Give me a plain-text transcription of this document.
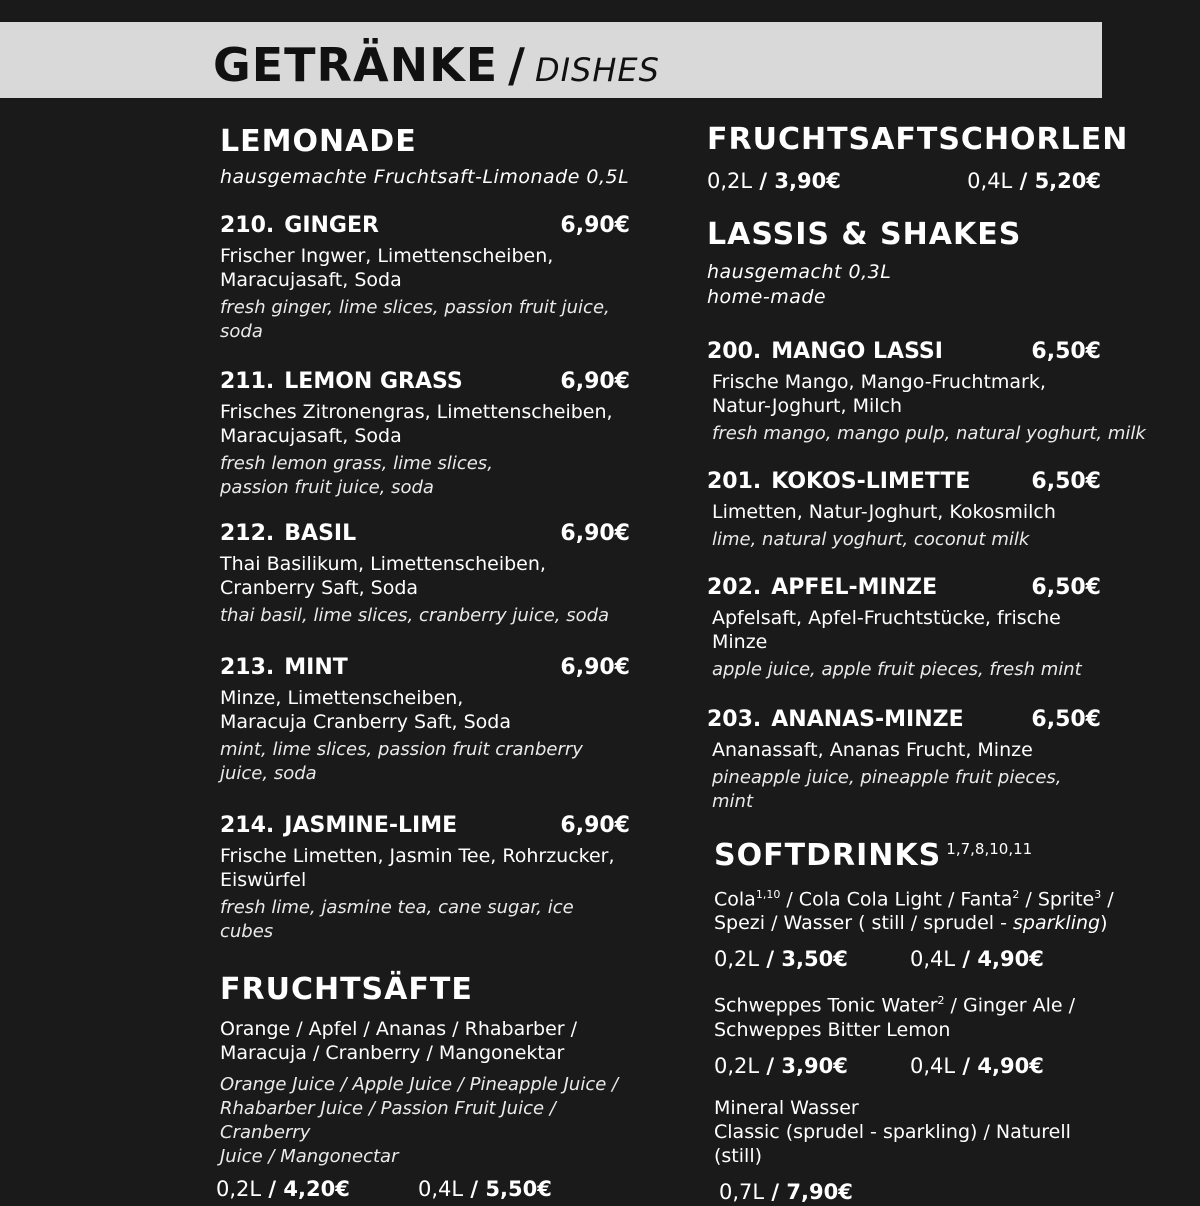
GETRÄNKE / DISHES
LEMONADE
hausgemachte Fruchtsaft-Limonade 0,5L
210. GINGER	6,90€
Frischer Ingwer, Limettenscheiben,
Maracujasaft, Soda
fresh ginger, lime slices, passion fruit juice, soda
211. LEMON GRASS	6,90€
Frisches Zitronengras, Limettenscheiben,
Maracujasaft, Soda
fresh lemon grass, lime slices,
passion fruit juice, soda
212. BASIL	6,90€
Thai Basilikum, Limettenscheiben,
Cranberry Saft, Soda
thai basil, lime slices, cranberry juice, soda
213. MINT	6,90€
Minze, Limettenscheiben,
Maracuja Cranberry Saft, Soda
mint, lime slices, passion fruit cranberry
juice, soda
214. JASMINE-LIME	6,90€
Frische Limetten, Jasmin Tee, Rohrzucker,
Eiswürfel
fresh lime, jasmine tea, cane sugar, ice cubes
FRUCHTSÄFTE
Orange / Apfel / Ananas / Rhabarber /
Maracuja / Cranberry / Mangonektar
Orange Juice / Apple Juice / Pineapple Juice /
Rhabarber Juice / Passion Fruit Juice / Cranberry
Juice / Mangonectar
0,2L / 4,20€	0,4L / 5,50€
FRUCHTSAFTSCHORLEN
0,2L / 3,90€	0,4L / 5,20€
LASSIS & SHAKES
hausgemacht 0,3L
home-made
200. MANGO LASSI	6,50€
Frische Mango, Mango-Fruchtmark,
Natur-Joghurt, Milch
fresh mango, mango pulp, natural yoghurt, milk
201. KOKOS-LIMETTE	6,50€
Limetten, Natur-Joghurt, Kokosmilch
lime, natural yoghurt, coconut milk
202. APFEL-MINZE	6,50€
Apfelsaft, Apfel-Fruchtstücke, frische Minze
apple juice, apple fruit pieces, fresh mint
203. ANANAS-MINZE	6,50€
Ananassaft, Ananas Frucht, Minze
pineapple juice, pineapple fruit pieces, mint
SOFTDRINKS 1,7,8,10,11
Cola$^{1,10}$ / Cola Cola Light / Fanta$^2$ / Sprite$^3$ /
Spezi / Wasser ( still / sprudel - sparkling)
0,2L / 3,50€	0,4L / 4,90€
Schweppes Tonic Water$^2$ / Ginger Ale /
Schweppes Bitter Lemon
0,2L / 3,90€	0,4L / 4,90€
Mineral Wasser
Classic (sprudel - sparkling) / Naturell (still)
0,7L / 7,90€
